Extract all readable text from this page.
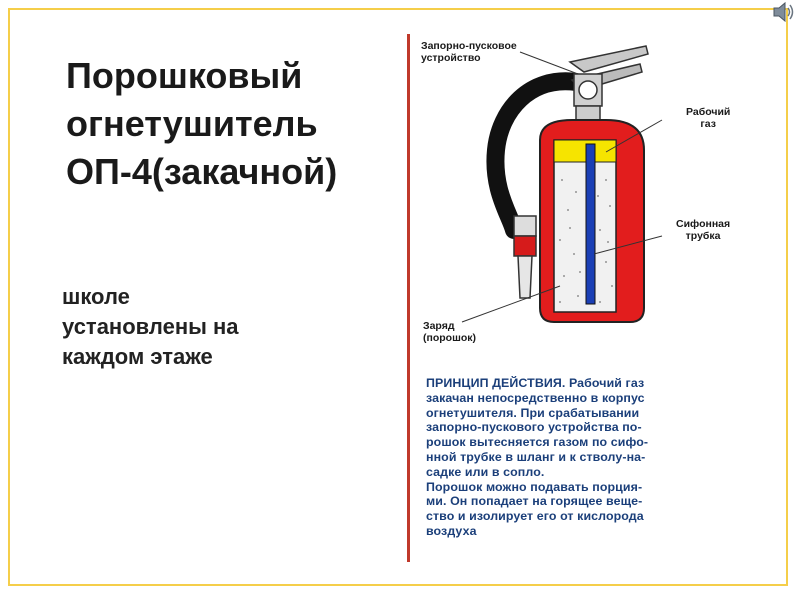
Порошковый
огнетушитель
ОП-4(закачной)
школе
установлены на
каждом этаже
Запорно-пусковое
устройство
Рабочий
газ
Сифонная
трубка
Заряд
(порошок)
ПРИНЦИП ДЕЙСТВИЯ. Рабочий газ
закачан непосредственно в корпус
огнетушителя. При срабатывании
запорно-пускового устройства по-
рошок вытесняется газом по сифо-
нной трубке в шланг и к стволу-на-
садке или в сопло.
Порошок можно подавать порция-
ми. Он попадает на горящее веще-
ство и изолирует его от кислорода
воздуха
